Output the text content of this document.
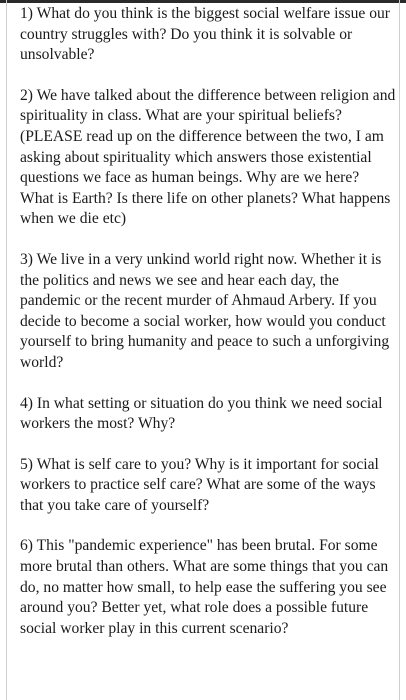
1) What do you think is the biggest social welfare issue our country struggles with? Do you think it is solvable or unsolvable?

2) We have talked about the difference between religion and spirituality in class. What are your spiritual beliefs? (PLEASE read up on the difference between the two, I am asking about spirituality which answers those existential questions we face as human beings. Why are we here? What is Earth? Is there life on other planets? What happens when we die etc)

3) We live in a very unkind world right now. Whether it is the politics and news we see and hear each day, the pandemic or the recent murder of Ahmaud Arbery. If you decide to become a social worker, how would you conduct yourself to bring humanity and peace to such a unforgiving world?

4) In what setting or situation do you think we need social workers the most? Why?

5) What is self care to you? Why is it important for social workers to practice self care? What are some of the ways that you take care of yourself?

6) This "pandemic experience" has been brutal. For some more brutal than others. What are some things that you can do, no matter how small, to help ease the suffering you see around you? Better yet, what role does a possible future social worker play in this current scenario?
